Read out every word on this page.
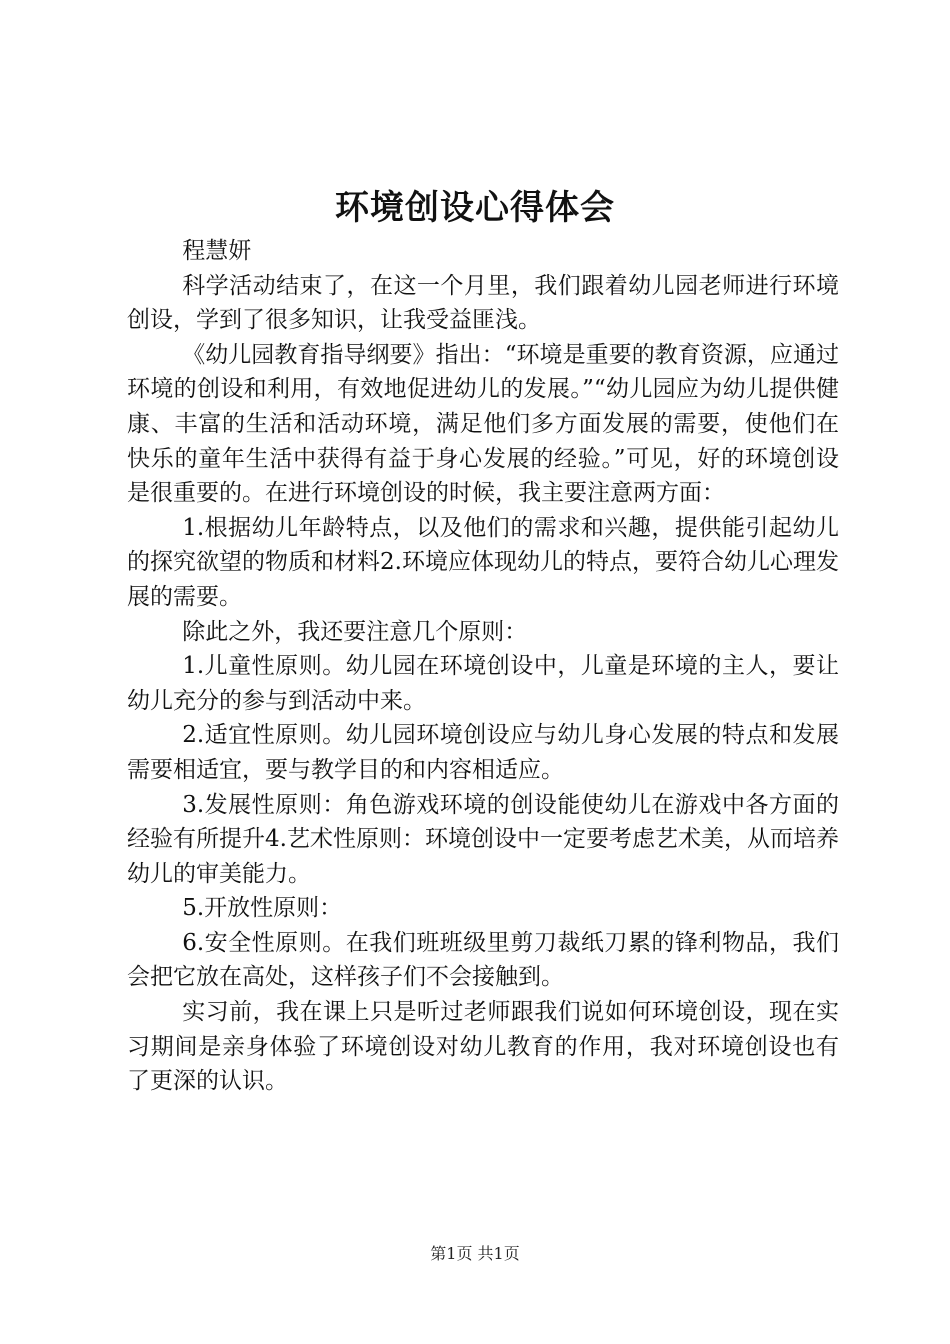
环境创设心得体会

程慧妍

科学活动结束了，在这一个月里，我们跟着幼儿园老师进行环境创设，学到了很多知识，让我受益匪浅。

《幼儿园教育指导纲要》指出：“环境是重要的教育资源，应通过环境的创设和利用，有效地促进幼儿的发展。”“幼儿园应为幼儿提供健康、丰富的生活和活动环境，满足他们多方面发展的需要，使他们在快乐的童年生活中获得有益于身心发展的经验。”可见，好的环境创设是很重要的。在进行环境创设的时候，我主要注意两方面：

1.根据幼儿年龄特点，以及他们的需求和兴趣，提供能引起幼儿的探究欲望的物质和材料2.环境应体现幼儿的特点，要符合幼儿心理发展的需要。

除此之外，我还要注意几个原则：

1.儿童性原则。幼儿园在环境创设中，儿童是环境的主人，要让幼儿充分的参与到活动中来。

2.适宜性原则。幼儿园环境创设应与幼儿身心发展的特点和发展需要相适宜，要与教学目的和内容相适应。

3.发展性原则：角色游戏环境的创设能使幼儿在游戏中各方面的经验有所提升4.艺术性原则：环境创设中一定要考虑艺术美，从而培养幼儿的审美能力。

5.开放性原则：

6.安全性原则。在我们班班级里剪刀裁纸刀累的锋利物品，我们会把它放在高处，这样孩子们不会接触到。

实习前，我在课上只是听过老师跟我们说如何环境创设，现在实习期间是亲身体验了环境创设对幼儿教育的作用，我对环境创设也有了更深的认识。

第1页 共1页
